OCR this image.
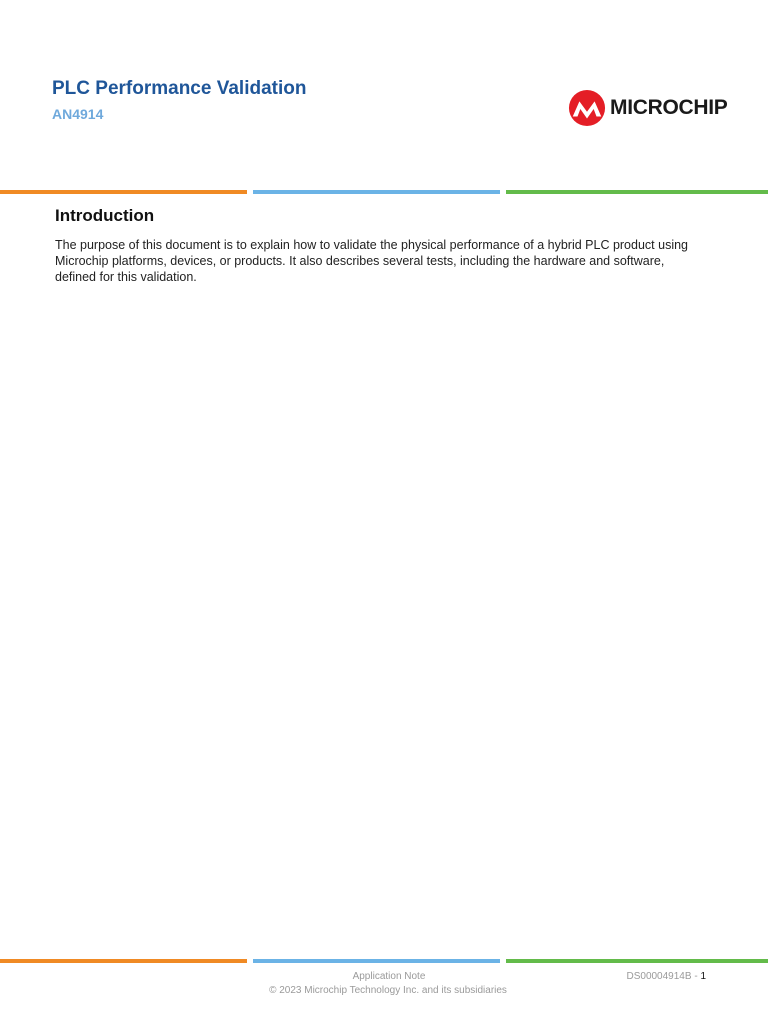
PLC Performance Validation
AN4914	MICROCHIP
Introduction

The purpose of this document is to explain how to validate the physical performance of a hybrid PLC product using Microchip platforms, devices, or products. It also describes several tests, including the hardware and software, defined for this validation.

Application Note
© 2023 Microchip Technology Inc. and its subsidiaries
DS00004914B - 1
